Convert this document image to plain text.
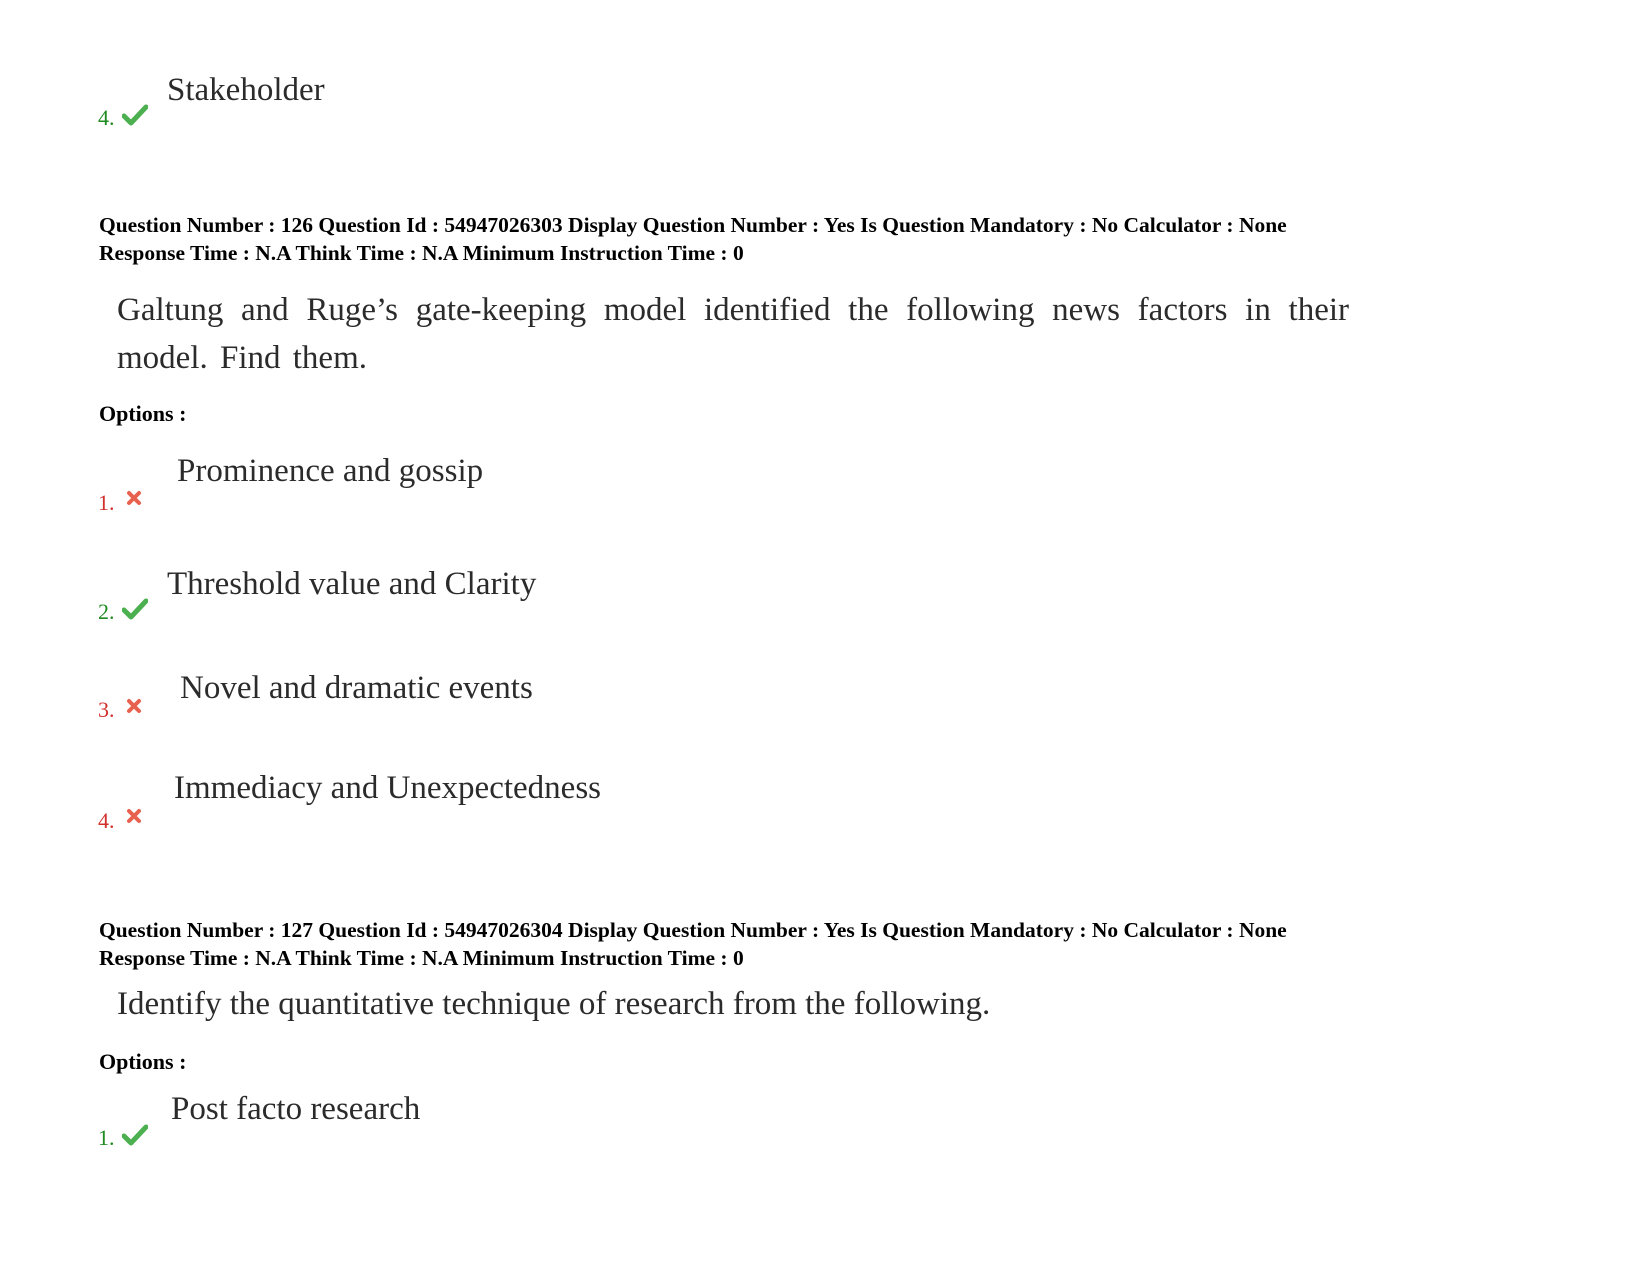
4.
Stakeholder
Question Number : 126 Question Id : 54947026303 Display Question Number : Yes Is Question Mandatory : No Calculator : None
Response Time : N.A Think Time : N.A Minimum Instruction Time : 0
Galtung and Ruge’s gate-keeping model identified the following news factors in their model. Find them.
Options :
1.
Prominence and gossip
2.
Threshold value and Clarity
3.
Novel and dramatic events
4.
Immediacy and Unexpectedness
Question Number : 127 Question Id : 54947026304 Display Question Number : Yes Is Question Mandatory : No Calculator : None
Response Time : N.A Think Time : N.A Minimum Instruction Time : 0
Identify the quantitative technique of research from the following.
Options :
1.
Post facto research
